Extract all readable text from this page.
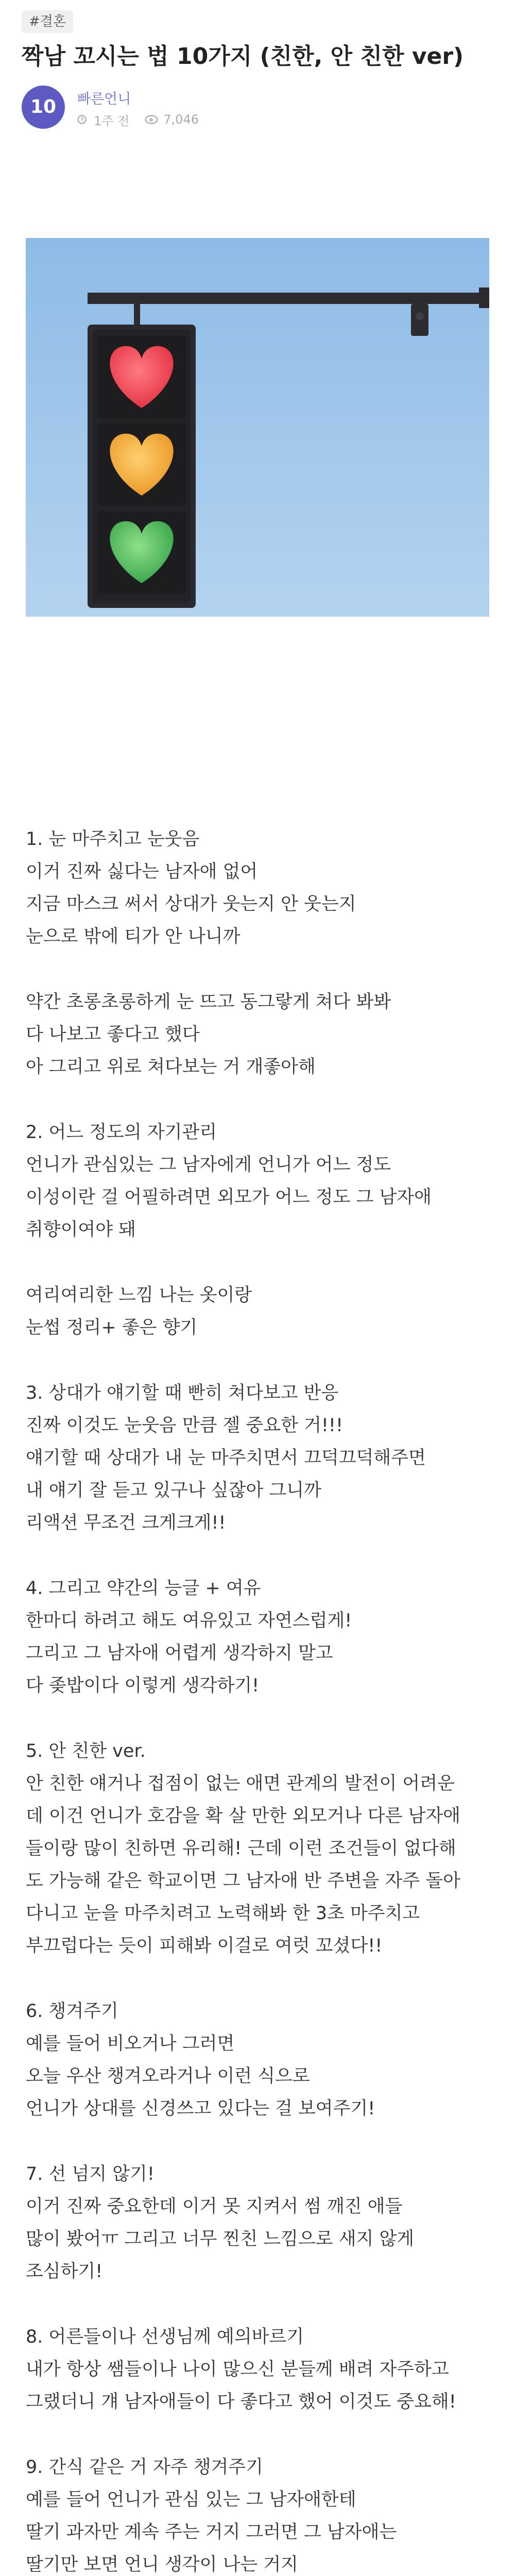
#결혼
짝남 꼬시는 법 10가지 (친한, 안 친한 ver)
10	빠른언니
1주 전	7,046
1. 눈 마주치고 눈웃음
이거 진짜 싫다는 남자애 없어
지금 마스크 써서 상대가 웃는지 안 웃는지
눈으로 밖에 티가 안 나니까
약간 초롱초롱하게 눈 뜨고 동그랗게 쳐다 봐봐
다 나보고 좋다고 했다
아 그리고 위로 쳐다보는 거 개좋아해
2. 어느 정도의 자기관리
언니가 관심있는 그 남자에게 언니가 어느 정도
이성이란 걸 어필하려면 외모가 어느 정도 그 남자애
취향이여야 돼
여리여리한 느낌 나는 옷이랑
눈썹 정리+ 좋은 향기
3. 상대가 얘기할 때 빤히 쳐다보고 반응
진짜 이것도 눈웃음 만큼 젤 중요한 거!!!
얘기할 때 상대가 내 눈 마주치면서 끄덕끄덕해주면
내 얘기 잘 듣고 있구나 싶잖아 그니까
리액션 무조건 크게크게!!
4. 그리고 약간의 능글 + 여유
한마디 하려고 해도 여유있고 자연스럽게!
그리고 그 남자애 어렵게 생각하지 말고
다 좆밥이다 이렇게 생각하기!
5. 안 친한 ver.
안 친한 얘거나 접점이 없는 애면 관계의 발전이 어려운
데 이건 언니가 호감을 확 살 만한 외모거나 다른 남자애
들이랑 많이 친하면 유리해! 근데 이런 조건들이 없다해
도 가능해 같은 학교이면 그 남자애 반 주변을 자주 돌아
다니고 눈을 마주치려고 노력해봐 한 3초 마주치고
부끄럽다는 듯이 피해봐 이걸로 여럿 꼬셨다!!
6. 챙겨주기
예를 들어 비오거나 그러면
오늘 우산 챙겨오라거나 이런 식으로
언니가 상대를 신경쓰고 있다는 걸 보여주기!
7. 선 넘지 않기!
이거 진짜 중요한데 이거 못 지켜서 썸 깨진 애들
많이 봤어ㅠ 그리고 너무 찐친 느낌으로 새지 않게
조심하기!
8. 어른들이나 선생님께 예의바르기
내가 항상 쌤들이나 나이 많으신 분들께 배려 자주하고
그랬더니 걔 남자애들이 다 좋다고 했어 이것도 중요해!
9. 간식 같은 거 자주 챙겨주기
예를 들어 언니가 관심 있는 그 남자애한테
딸기 과자만 계속 주는 거지 그러면 그 남자애는
딸기만 보면 언니 생각이 나는 거지
